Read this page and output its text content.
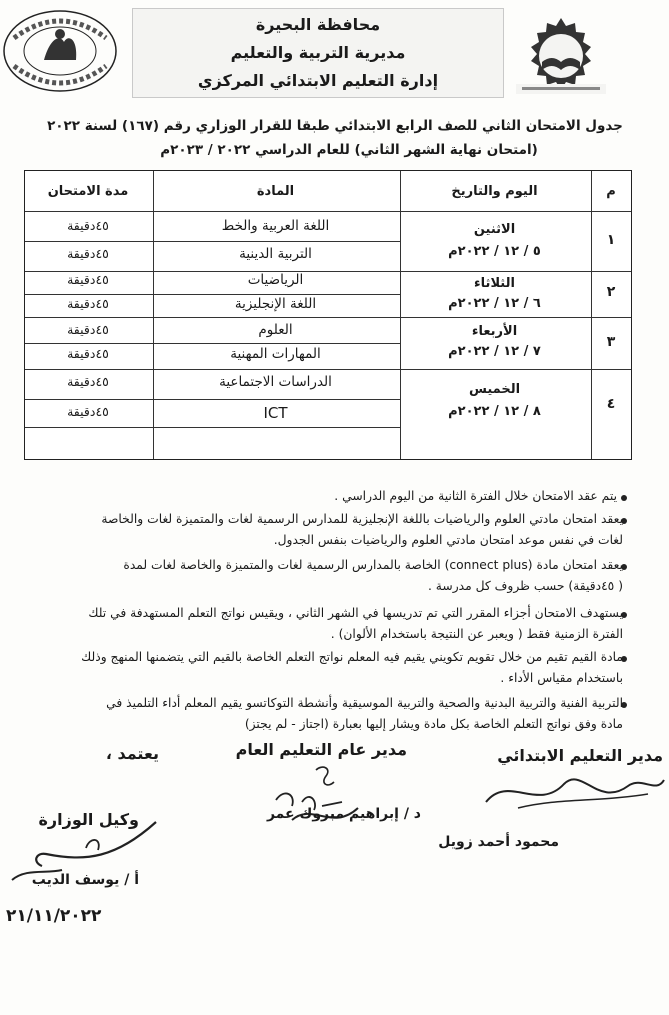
محافظة البحيرة
مديرية التربية والتعليم
إدارة التعليم الابتدائي المركزي
جدول الامتحان الثاني للصف الرابع الابتدائي طبقا للقرار الوزاري رقم (١٦٧) لسنة ٢٠٢٢
(امتحان نهاية الشهر الثاني) للعام الدراسي ٢٠٢٢ / ٢٠٢٣م
م
اليوم والتاريخ
المادة
مدة الامتحان
١
٢
٣
٤
الاثنين
٥ / ١٢ / ٢٠٢٢م
الثلاثاء
٦ / ١٢ / ٢٠٢٢م
الأربعاء
٧ / ١٢ / ٢٠٢٢م
الخميس
٨ / ١٢ / ٢٠٢٢م
اللغة العربية والخط
التربية الدينية
الرياضيات
اللغة الإنجليزية
العلوم
المهارات المهنية
الدراسات الاجتماعية
ICT
٤٥دقيقة
٤٥دقيقة
٤٥دقيقة
٤٥دقيقة
٤٥دقيقة
٤٥دقيقة
٤٥دقيقة
٤٥دقيقة
يتم عقد الامتحان خلال الفترة الثانية من اليوم الدراسي .
يعقد امتحان مادتي العلوم والرياضيات باللغة الإنجليزية للمدارس الرسمية لغات والمتميزة لغات والخاصة
لغات في نفس موعد امتحان مادتي العلوم والرياضيات بنفس الجدول.
يعقد امتحان مادة (connect plus) الخاصة بالمدارس الرسمية لغات والمتميزة والخاصة لغات لمدة
( ٤٥دقيقة) حسب ظروف كل مدرسة .
يستهدف الامتحان أجزاء المقرر التي تم تدريسها في الشهر الثاني ، ويقيس نواتج التعلم المستهدفة في تلك
الفترة الزمنية فقط ( ويعبر عن النتيجة باستخدام الألوان) .
مادة القيم تقيم من خلال تقويم تكويني يقيم فيه المعلم نواتج التعلم الخاصة بالقيم التي يتضمنها المنهج وذلك
باستخدام مقياس الأداء .
التربية الفنية والتربية البدنية والصحية والتربية الموسيقية وأنشطة التوكاتسو يقيم المعلم أداء التلميذ في
مادة وفق نواتج التعلم الخاصة بكل مادة ويشار إليها بعبارة (اجتاز - لم يجتز)
مدير التعليم الابتدائي
محمود أحمد زويل
مدير عام التعليم العام
د / إبراهيم مبروك عمر
يعتمد ،
وكيل الوزارة
أ / يوسف الديب
٢١/١١/٢٠٢٢
